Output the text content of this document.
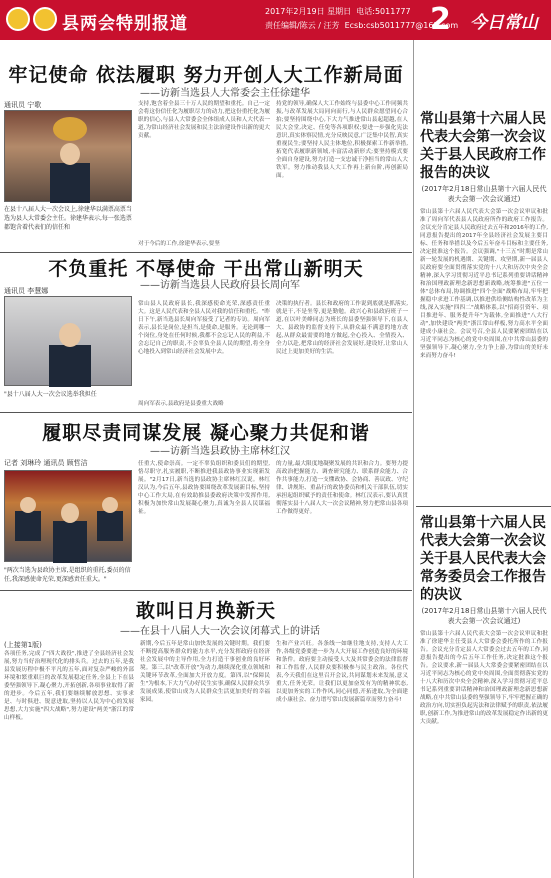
县两会特别报道
2017年2月19日 星期日 电话:5011777
责任编辑/陈云 / 汪芳 Ecsb:csb5011777@163.com
2 今日常山
牢记使命 依法履职 努力开创人大工作新局面
——访新当选县人大常委会主任徐建华
通讯员 宁歌
在县十八届人大一次会议上,徐建华以满票高票当选为县人大常委会主任。徐建华表示,每一张选票都饱含着代表们的信任和
支持,饱含着全县三十万人民的期望和重托。自己一定会将这份信任化为履职尽力的动力,把这份重托化为履职的信心,与县人大常委会全体组成人员和人大代表一道,为常山经济社会发展和民主法治建设作出新的更大贡献。
持党的领导,确保人大工作始终与县委中心工作同频共振,与改革发展大局同向而行,与人民群众愿望同心合拍;要坚持围绕中心,下大力气推进常山县起超越,在人民大会堂,决定、任免等各项职权;要进一步强化宪法意识,真实体察民情,充分反映民意,广泛集中民智,真实重视民生;要坚持人民主体地位,积极探索工作新举措,拓宽代表履职新领域,丰富活动新形式;要坚持模式要全面自身建设,努力打造一支忠诚干净担当的常山人大铁军。努力推动我县人大工作再上新台阶,再创新局面。
对于今后的工作,徐建华表示,要坚
不负重托 不辱使命 干出常山新明天
——访新当选县人民政府县长周向军
通讯员 李慧娜
"县十八届人大一次会议选举我担任
常山县人民政府县长,我深感使命光荣,深感责任重大。这是人民代表和全县人民对我的信任和重托。"昨日下午,新当选县长周向军接受了记者的专访。周向军表示,县长是岗位,是担当,是使命,是服务。无论到哪一个岗位,身处在任何时候,我都不会忘记人民的利益,不会忘记自己的职责,不会辜负全县人民的期望,将全身心地投入到常山经济社会发展中去。
决策的执行者。县长和政府的工作说到底就是抓落实,就是干,不是坐等,更是勤勉。政兴心和县政府班子一道,在以叶美峰同志为班长的县委坚强领导下,在县人大、县政协的监督支持下,从群众最不满意的地方改起,从群众最需要的地方做起,全心投入、全情投入、全力以赴,把常山的经济社会发展好,建设好,让常山人民过上更加美好的生活。
周向军表示,县政府是县委重大战略
履职尽责同谋发展 凝心聚力共促和谐
——访新当选县政协主席林红汉
记者 刘琳玲 通讯员 顾哲洁
"两次当选为县政协主席,是组织的重托,委员的信任,我深感使命光荣,更深感责任重大。"
任重大,使命崇高。一定不辜负组织和委员们的期望,恪尽职守,扎实履职,不断推进我县政协事业实现新发展。"2月17日,新当选的县政协主席林红汉说。林红汉认为,今后五年,县政协要围绕改革发展新目标,坚持中心工作大局,在有效助推县委政府决策中发挥作用,积极为加快常山发展凝心聚力,真诚为全县人民谋福祉。
的力量,最大限度地凝聚发展的共识和合力。要努力提高政治把握能力、调查研究能力、联系群众能力、合作共事能力,打造一支懂政协、会协商、善议政、守纪律、讲规矩、重品行的政协委员和机关干部队伍,切实承担起组织赋予的责任和使命。林红汉表示,要认真贯彻落实县十八届人大一次会议精神,努力把常山县各项工作做得更好。
敢叫日月换新天
——在县十八届人大一次会议闭幕式上的讲话
(上接第1版)
各项任务,完成了"四大战役",推进了全县经济社会发展,努力当好治理现代化的排头兵。过去的五年,是我县发展历程中极不平凡的五年,面对复杂严峻的外部环境和繁重艰巨的改革发展稳定任务,全县上下在县委坚强领导下,凝心聚力,开拓创新,各项事业取得了新的进步。今后五年,我们要继续解放思想、实事求是、与时俱进、锐意进取,坚持以人民为中心的发展思想,大力实施"四大战略",努力建设"两美"浙江的常山样板。
新期,今后五年是常山加快发展的关键时期。我们要不断提高服务群众的能力水平,充分发挥政府在经济社会发展中的主导作用,全力打造干事创业的良好环境。第三,以"改革开放"为动力,继续深化重点领域和关键环节改革,全面加大开放力度。第四,以"保障民生"为根本,下大力气办好民生实事,确保人民群众共享发展成果,使常山成为人民群众生活更加美好的幸福家园。
生和产业兴旺。各条线一如继往地支持,支持人大工作,各级党委要进一步为人大开展工作创造良好的环境和条件。政府要主动接受人大及其常委会的法律监督和工作监督,人民群众要积极参与民主政治。各位代表,今天我们在这里召开会议,共同谋划未来发展,意义重大,任务光荣。让我们以更加奋发有为的精神状态,以更加务实的工作作风,同心同德,开拓进取,为全面建成小康社会、奋力谱写常山发展新篇章而努力奋斗!
常山县第十六届人民代表大会第一次会议关于县人民政府工作报告的决议
(2017年2月18日常山县第十六届人民代表大会第一次会议通过)
常山县第十六届人民代表大会第一次会议审议和批准了周向军代表县人民政府所作的政府工作报告。会议充分肯定县人民政府过去五年和2016年的工作,同意报告提出的2017年全县经济社会发展主要目标、任务和举措以及今后五年奋斗目标和主要任务,决定批准这个报告。会议强调,"十三五"时期是常山新一轮发展的机遇期、关键期、攻坚期,新一届县人民政府要全面贯彻落实党的十八大和历次中央全会精神,深入学习贯彻习近平总书记系列重要讲话精神和治国理政新理念新思想新战略,统筹推进"五位一体"总体布局,协调推进"四个全面"战略布局,牢牢把握稳中求进工作基调,以推进供给侧结构性改革为主线,深入实施"四四二"战略体系,以"招商引资年、项目推进年、服务提升年"为载体,全面推进"八大行动",加快建设"两美"浙江常山样板,努力高水平全面建成小康社会。会议号召,全县人民要紧密团结在以习近平同志为核心的党中央周围,在中共常山县委的坚强领导下,凝心聚力,全力争上游,为常山的美好未来而努力奋斗!
常山县第十六届人民代表大会第一次会议关于县人民代表大会常务委员会工作报告的决议
(2017年2月18日常山县第十六届人民代表大会第一次会议通过)
常山县第十六届人民代表大会第一次会议审议和批准了徐建华主任受县人大常委会委托所作的工作报告。会议充分肯定县人大常委会过去五年的工作,同意报告提出的今后五年工作任务,决定批准这个报告。会议要求,新一届县人大常委会要紧密团结在以习近平同志为核心的党中央周围,全面贯彻落实党的十八大和历次中央全会精神,深入学习贯彻习近平总书记系列重要讲话精神和治国理政新理念新思想新战略,在中共常山县委的坚强领导下,牢牢把握正确的政治方向,切实担负起宪法和法律赋予的职责,依法履职,创新工作,为推进常山的改革发展稳定作出新的更大贡献。
